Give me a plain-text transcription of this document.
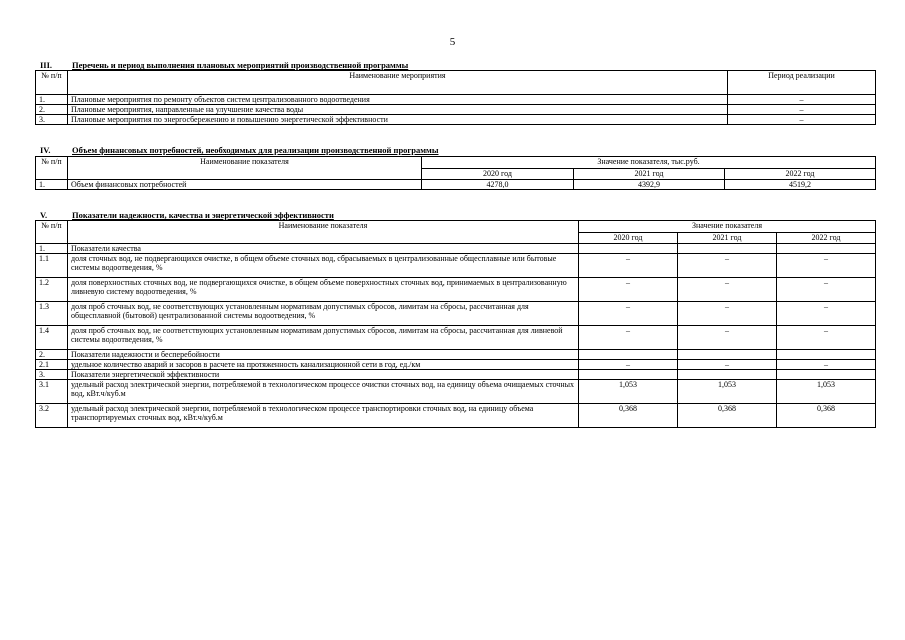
5
III. Перечень и период выполнения плановых мероприятий производственной программы
№ п/п	Наименование мероприятия	Период реализации
1.	Плановые мероприятия по ремонту объектов систем централизованного водоотведения	–
2.	Плановые мероприятия, направленные на улучшение качества воды	–
3.	Плановые мероприятия по энергосбережению и повышению энергетической эффективности	–
IV.	Объем финансовых потребностей, необходимых для реализации производственной программы
№ п/п	Наименование показателя	Значение показателя, тыс.руб.		
		2020 год	2021 год	2022 год
1.	Объем финансовых потребностей	4278,0	4392,9	4519,2
V.	Показатели надежности, качества и энергетической эффективности
№ п/п	Наименование показателя	Значение показателя		
		2020 год	2021 год	2022 год
1.	Показатели качества			
1.1	доля сточных вод, не подвергающихся очистке, в общем объеме сточных вод, сбрасываемых в централизованные общесплавные или бытовые системы водоотведения, %	–	–	–
1.2	доля поверхностных сточных вод, не подвергающихся очистке, в общем объеме поверхностных сточных вод, принимаемых в централизованную ливневую систему водоотведения, %	–	–	–
1.3	доля проб сточных вод, не соответствующих установленным нормативам допустимых сбросов, лимитам на сбросы, рассчитанная для общесплавной (бытовой) централизованной системы водоотведения, %	–	–	–
1.4	доля проб сточных вод, не соответствующих установленным нормативам допустимых сбросов, лимитам на сбросы, рассчитанная для ливневой системы водоотведения, %	–	–	–
2.	Показатели надежности и бесперебойности			
2.1	удельное количество аварий и засоров в расчете на протяженность канализационной сети в год, ед./км	–	–	–
3.	Показатели энергетической эффективности			
3.1	удельный расход электрической энергии, потребляемой в технологическом процессе очистки сточных вод, на единицу объема очищаемых сточных вод, кВт.ч/куб.м	1,053	1,053	1,053
3.2	удельный расход электрической энергии, потребляемой в технологическом процессе транспортировки сточных вод, на единицу объема транспортируемых сточных вод, кВт.ч/куб.м	0,368	0,368	0,368
